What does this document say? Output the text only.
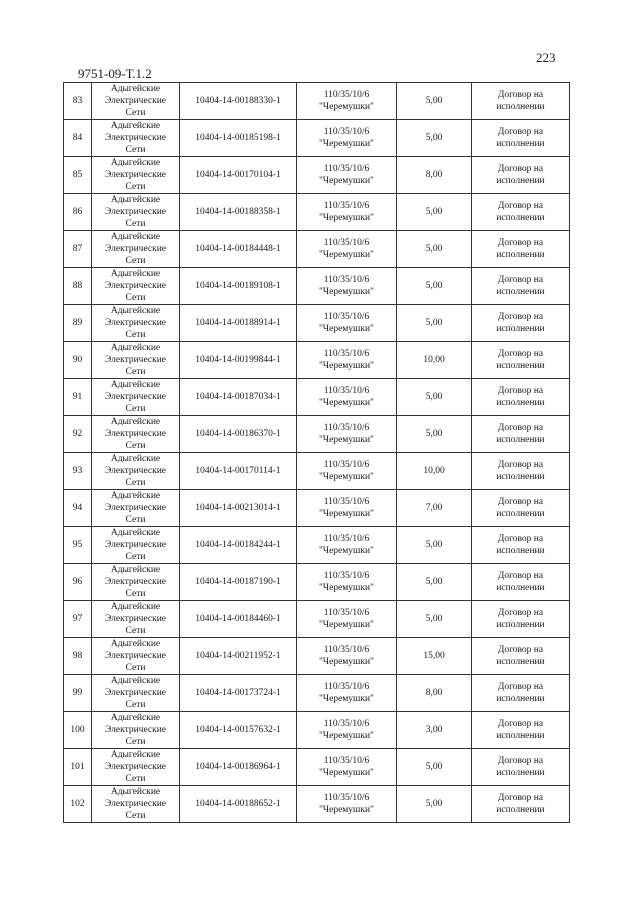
223
9751-09-Т.1.2
83	Адыгейские
Электрические
Сети	10404-14-00188330-1	110/35/10/6
"Черемушки"	5,00	Договор на
исполнении
84	Адыгейские
Электрические
Сети	10404-14-00185198-1	110/35/10/6
"Черемушки"	5,00	Договор на
исполнении
85	Адыгейские
Электрические
Сети	10404-14-00170104-1	110/35/10/6
"Черемушки"	8,00	Договор на
исполнении
86	Адыгейские
Электрические
Сети	10404-14-00188358-1	110/35/10/6
"Черемушки"	5,00	Договор на
исполнении
87	Адыгейские
Электрические
Сети	10404-14-00184448-1	110/35/10/6
"Черемушки"	5,00	Договор на
исполнении
88	Адыгейские
Электрические
Сети	10404-14-00189108-1	110/35/10/6
"Черемушки"	5,00	Договор на
исполнении
89	Адыгейские
Электрические
Сети	10404-14-00188914-1	110/35/10/6
"Черемушки"	5,00	Договор на
исполнении
90	Адыгейские
Электрические
Сети	10404-14-00199844-1	110/35/10/6
"Черемушки"	10,00	Договор на
исполнении
91	Адыгейские
Электрические
Сети	10404-14-00187034-1	110/35/10/6
"Черемушки"	5,00	Договор на
исполнении
92	Адыгейские
Электрические
Сети	10404-14-00186370-1	110/35/10/6
"Черемушки"	5,00	Договор на
исполнении
93	Адыгейские
Электрические
Сети	10404-14-00170114-1	110/35/10/6
"Черемушки"	10,00	Договор на
исполнении
94	Адыгейские
Электрические
Сети	10404-14-00213014-1	110/35/10/6
"Черемушки"	7,00	Договор на
исполнении
95	Адыгейские
Электрические
Сети	10404-14-00184244-1	110/35/10/6
"Черемушки"	5,00	Договор на
исполнении
96	Адыгейские
Электрические
Сети	10404-14-00187190-1	110/35/10/6
"Черемушки"	5,00	Договор на
исполнении
97	Адыгейские
Электрические
Сети	10404-14-00184460-1	110/35/10/6
"Черемушки"	5,00	Договор на
исполнении
98	Адыгейские
Электрические
Сети	10404-14-00211952-1	110/35/10/6
"Черемушки"	15,00	Договор на
исполнении
99	Адыгейские
Электрические
Сети	10404-14-00173724-1	110/35/10/6
"Черемушки"	8,00	Договор на
исполнении
100	Адыгейские
Электрические
Сети	10404-14-00157632-1	110/35/10/6
"Черемушки"	3,00	Договор на
исполнении
101	Адыгейские
Электрические
Сети	10404-14-00186964-1	110/35/10/6
"Черемушки"	5,00	Договор на
исполнении
102	Адыгейские
Электрические
Сети	10404-14-00188652-1	110/35/10/6
"Черемушки"	5,00	Договор на
исполнении
